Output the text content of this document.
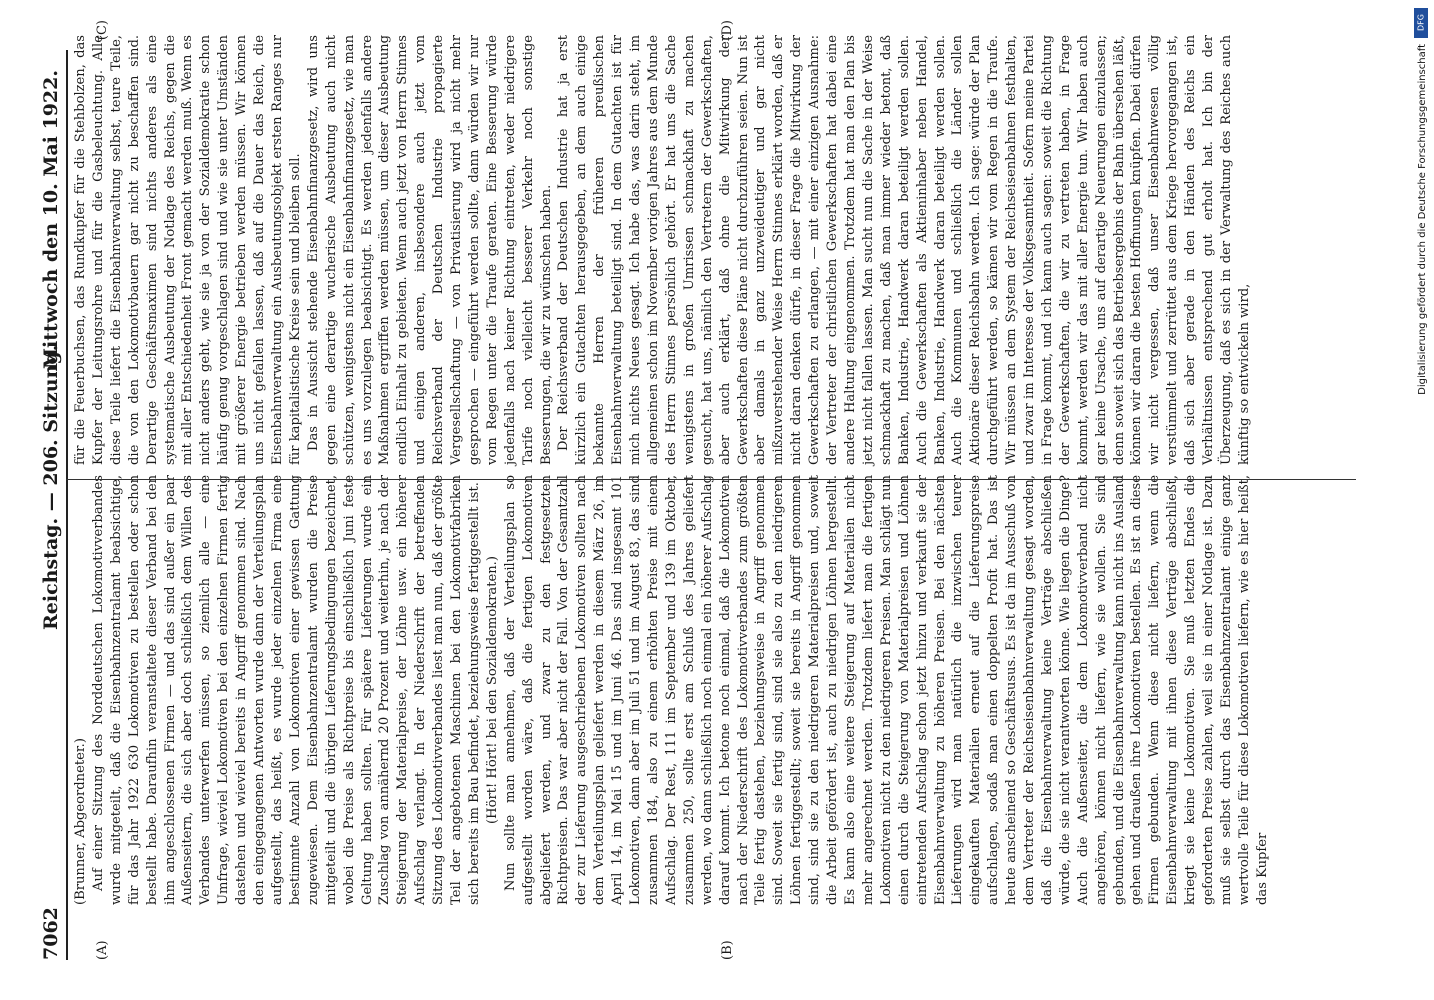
7062
Reichstag. — 206. Sitzung.
Mittwoch den 10. Mai 1922.
(A)	(B)
(C)	(D)

(Brunner, Abgeordneter.) Auf einer Sitzung des Norddeutschen Lokomotivverbandes wurde mitgeteilt, daß die Eisenbahnzentralamt beabsichtige, für das Jahr 1922 630 Lokomotiven zu bestellen oder schon bestellt habe. Daraufhin veranstaltete dieser Verband bei den ihm angeschlossenen Firmen — und das sind außer ein paar Außenseitern, die sich aber doch schließlich dem Willen des Verbandes unterwerfen müssen, so ziemlich alle — eine Umfrage, wieviel Lokomotiven bei den einzelnen Firmen fertig dastehen und wieviel bereits in Angriff genommen sind. Nach den eingegangenen Antworten wurde dann der Verteilungsplan aufgestellt, das heißt, es wurde jeder einzelnen Firma eine bestimmte Anzahl von Lokomotiven einer gewissen Gattung zugewiesen. Dem Eisenbahnzentralamt wurden die Preise mitgeteilt und die übrigen Lieferungsbedingungen bezeichnet, wobei die Preise als Richtpreise bis einschließlich Juni feste Geltung haben sollten. Für spätere Lieferungen wurde ein Zuschlag von annähernd 20 Prozent und weiterhin, je nach der Steigerung der Materialpreise, der Löhne usw. ein höherer Aufschlag verlangt. In der Niederschrift der betreffenden Sitzung des Lokomotivverbandes liest man nun, daß der größte Teil der angebotenen Maschinen bei den Lokomotivfabriken sich bereits im Bau befindet, beziehungsweise fertiggestellt ist. (Hört! Hört! bei den Sozialdemokraten.) Nun sollte man annehmen, daß der Verteilungsplan so aufgestellt worden wäre, daß die fertigen Lokomotiven abgeliefert werden, und zwar zu den festgesetzten Richtpreisen. Das war aber nicht der Fall. Von der Gesamtzahl der zur Lieferung ausgeschriebenen Lokomotiven sollten nach dem Verteilungsplan geliefert werden in diesem März 26, im April 14, im Mai 15 und im Juni 46. Das sind insgesamt 101 Lokomotiven, dann aber im Juli 51 und im August 83, das sind zusammen 184, also zu einem erhöhten Preise mit einem Aufschlag. Der Rest, 111 im September und 139 im Oktober, zusammen 250, sollte erst am Schluß des Jahres geliefert werden, wo dann schließlich noch einmal ein höherer Aufschlag darauf kommt. Ich betone noch einmal, daß die Lokomotiven nach der Niederschrift des Lokomotivverbandes zum größten Teile fertig dastehen, beziehungsweise in Angriff genommen sind. Soweit sie fertig sind, sind sie also zu den niedrigeren Löhnen fertiggestellt; soweit sie bereits in Angriff genommen sind, sind sie zu den niedrigeren Materialpreisen und, soweit die Arbeit gefördert ist, auch zu niedrigen Löhnen hergestellt. Es kann also eine weitere Steigerung auf Materialien nicht mehr angerechnet werden. Trotzdem liefert man die fertigen Lokomotiven nicht zu den niedrigeren Preisen. Man schlägt nun einen durch die Steigerung von Materialpreisen und Löhnen eintretenden Aufschlag schon jetzt hinzu und verkauft sie der Eisenbahnverwaltung zu höheren Preisen. Bei den nächsten Lieferungen wird man natürlich die inzwischen teurer eingekauften Materialien erneut auf die Lieferungspreise aufschlagen, sodaß man einen doppelten Profit hat. Das ist heute anscheinend so Geschäftsusus. Es ist da im Ausschuß von dem Vertreter der Reichseisenbahnverwaltung gesagt worden, daß die Eisenbahnverwaltung keine Verträge abschließen würde, die sie nicht verantworten könne. Wie liegen die Dinge? Auch die Außenseiter, die dem Lokomotivverband nicht angehören, können nicht liefern, wie sie wollen. Sie sind gebunden, und die Eisenbahnverwaltung kann nicht ins Ausland gehen und draußen ihre Lokomotiven bestellen. Es ist an diese Firmen gebunden. Wenn diese nicht liefern, wenn die Eisenbahnverwaltung mit ihnen diese Verträge abschließt, kriegt sie keine Lokomotiven. Sie muß letzten Endes die geforderten Preise zahlen, weil sie in einer Notlage ist. Dazu muß sie selbst durch das Eisenbahnzentralamt einige ganz wertvolle Teile für diese Lokomotiven liefern, wie es hier heißt, das Kupfer

für die Feuerbuchsen, das Rundkupfer für die Stehbolzen, das Kupfer der Leitungsrohre und für die Gasbeleuchtung. Alle diese Teile liefert die Eisenbahnverwaltung selbst, teure Teile, die von den Lokomotivbauern gar nicht zu beschaffen sind. Derartige Geschäftsmaximen sind nichts anderes als eine systematische Ausbeutung der Notlage des Reichs, gegen die mit aller Entschiedenheit Front gemacht werden muß. Wenn es nicht anders geht, wie sie ja von der Sozialdemokratie schon häufig genug vorgeschlagen sind und wie sie unter Umständen mit größerer Energie betrieben werden müssen. Wir können uns nicht gefallen lassen, daß auf die Dauer das Reich, die Eisenbahnverwaltung ein Ausbeutungsobjekt ersten Ranges nur für kapitalistische Kreise sein und bleiben soll. Das in Aussicht stehende Eisenbahnfinanzgesetz, wird uns gegen eine derartige wucherische Ausbeutung auch nicht schützen, wenigstens nicht ein Eisenbahnfinanzgesetz, wie man es uns vorzulegen beabsichtigt. Es werden jedenfalls andere Maßnahmen ergriffen werden müssen, um dieser Ausbeutung endlich Einhalt zu gebieten. Wenn auch jetzt von Herrn Stinnes und einigen anderen, insbesondere auch jetzt vom Reichsverband der Deutschen Industrie propagierte Vergesellschaftung — von Privatisierung wird ja nicht mehr gesprochen — eingeführt werden sollte, dann würden wir nur vom Regen unter die Traufe geraten. Eine Besserung würde jedenfalls nach keiner Richtung eintreten, weder niedrigere Tarife noch vielleicht besserer Verkehr noch sonstige Besserungen, die wir zu wünschen haben. Der Reichsverband der Deutschen Industrie hat ja erst kürzlich ein Gutachten herausgegeben, an dem auch einige bekannte Herren der früheren preußischen Eisenbahnverwaltung beteiligt sind. In dem Gutachten ist für mich nichts Neues gesagt. Ich habe das, was darin steht, im allgemeinen schon im November vorigen Jahres aus dem Munde des Herrn Stinnes persönlich gehört. Er hat uns die Sache wenigstens in großen Umrissen schmackhaft zu machen gesucht, hat uns, nämlich den Vertretern der Gewerkschaften, aber auch erklärt, daß ohne die Mitwirkung der Gewerkschaften diese Pläne nicht durchzuführen seien. Nun ist aber damals in ganz unzweideutiger und gar nicht mißzuverstehender Weise Herrn Stinnes erklärt worden, daß er nicht daran denken dürfe, in dieser Frage die Mitwirkung der Gewerkschaften zu erlangen, — mit einer einzigen Ausnahme: der Vertreter der christlichen Gewerkschaften hat dabei eine andere Haltung eingenommen. Trotzdem hat man den Plan bis jetzt nicht fallen lassen. Man sucht nun die Sache in der Weise schmackhaft zu machen, daß man immer wieder betont, daß Banken, Industrie, Handwerk daran beteiligt werden sollen. Auch die Gewerkschaften als Aktieninhaber neben Handel, Banken, Industrie, Handwerk daran beteiligt werden sollen. Auch die Kommunen und schließlich die Länder sollen Aktionäre dieser Reichsbahn werden. Ich sage: würde der Plan durchgeführt werden, so kämen wir vom Regen in die Traufe. Wir müssen an dem System der Reichseisenbahnen festhalten, und zwar im Interesse der Volksgesamtheit. Sofern meine Partei in Frage kommt, und ich kann auch sagen: soweit die Richtung der Gewerkschaften, die wir zu vertreten haben, in Frage kommt, werden wir das mit aller Energie tun. Wir haben auch gar keine Ursache, uns auf derartige Neuerungen einzulassen; denn soweit sich das Betriebsergebnis der Bahn übersehen läßt, können wir daran die besten Hoffnungen knüpfen. Dabei dürfen wir nicht vergessen, daß unser Eisenbahnwesen völlig verstümmelt und zerrüttet aus dem Kriege hervorgegangen ist, daß sich aber gerade in den Händen des Reichs ein Verhältnissen entsprechend gut erholt hat. Ich bin der Überzeugung, daß es sich in der Verwaltung des Reiches auch künftig so entwickeln wird,

DFG
Digitalisierung gefördert durch die Deutsche Forschungsgemeinschaft
